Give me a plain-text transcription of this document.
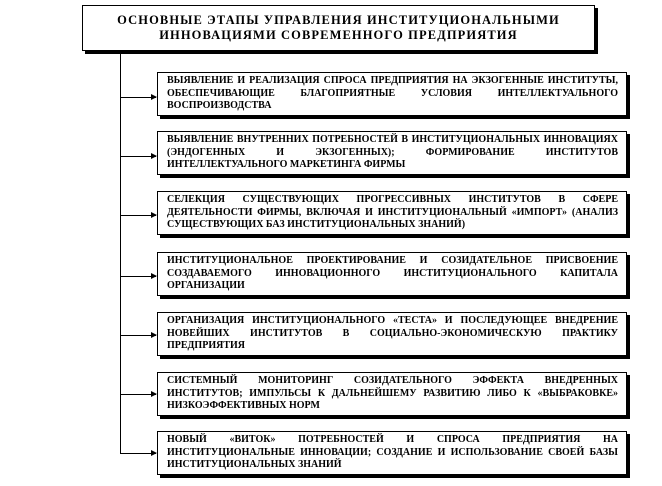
ОСНОВНЫЕ ЭТАПЫ УПРАВЛЕНИЯ ИНСТИТУЦИОНАЛЬНЫМИ
ИННОВАЦИЯМИ СОВРЕМЕННОГО ПРЕДПРИЯТИЯ
ВЫЯВЛЕНИЕ И РЕАЛИЗАЦИЯ СПРОСА ПРЕДПРИЯТИЯ НА ЭКЗОГЕННЫЕ ИНСТИТУТЫ, ОБЕСПЕЧИВАЮЩИЕ БЛАГОПРИЯТНЫЕ УСЛОВИЯ ИНТЕЛЛЕКТУАЛЬНОГО ВОСПРОИЗВОДСТВА
ВЫЯВЛЕНИЕ ВНУТРЕННИХ ПОТРЕБНОСТЕЙ В ИНСТИТУЦИОНАЛЬНЫХ ИННОВАЦИЯХ (ЭНДОГЕННЫХ И ЭКЗОГЕННЫХ); ФОРМИРОВАНИЕ ИНСТИТУТОВ ИНТЕЛЛЕКТУАЛЬНОГО МАРКЕТИНГА ФИРМЫ
СЕЛЕКЦИЯ СУЩЕСТВУЮЩИХ ПРОГРЕССИВНЫХ ИНСТИТУТОВ В СФЕРЕ ДЕЯТЕЛЬНОСТИ ФИРМЫ, ВКЛЮЧАЯ И ИНСТИТУЦИОНАЛЬНЫЙ «ИМПОРТ» (АНАЛИЗ СУЩЕСТВУЮЩИХ БАЗ ИНСТИТУЦИОНАЛЬНЫХ ЗНАНИЙ)
ИНСТИТУЦИОНАЛЬНОЕ ПРОЕКТИРОВАНИЕ И СОЗИДАТЕЛЬНОЕ ПРИСВОЕНИЕ СОЗДАВАЕМОГО ИННОВАЦИОННОГО ИНСТИТУЦИОНАЛЬНОГО КАПИТАЛА ОРГАНИЗАЦИИ
ОРГАНИЗАЦИЯ ИНСТИТУЦИОНАЛЬНОГО «ТЕСТА» И ПОСЛЕДУЮЩЕЕ ВНЕДРЕНИЕ НОВЕЙШИХ ИНСТИТУТОВ В СОЦИАЛЬНО-ЭКОНОМИЧЕСКУЮ ПРАКТИКУ ПРЕДПРИЯТИЯ
СИСТЕМНЫЙ МОНИТОРИНГ СОЗИДАТЕЛЬНОГО ЭФФЕКТА ВНЕДРЕННЫХ ИНСТИТУТОВ; ИМПУЛЬСЫ К ДАЛЬНЕЙШЕМУ РАЗВИТИЮ ЛИБО К «ВЫБРАКОВКЕ» НИЗКОЭФФЕКТИВНЫХ НОРМ
НОВЫЙ «ВИТОК» ПОТРЕБНОСТЕЙ И СПРОСА ПРЕДПРИЯТИЯ НА ИНСТИТУЦИОНАЛЬНЫЕ ИННОВАЦИИ; СОЗДАНИЕ И ИСПОЛЬЗОВАНИЕ СВОЕЙ БАЗЫ ИНСТИТУЦИОНАЛЬНЫХ ЗНАНИЙ
